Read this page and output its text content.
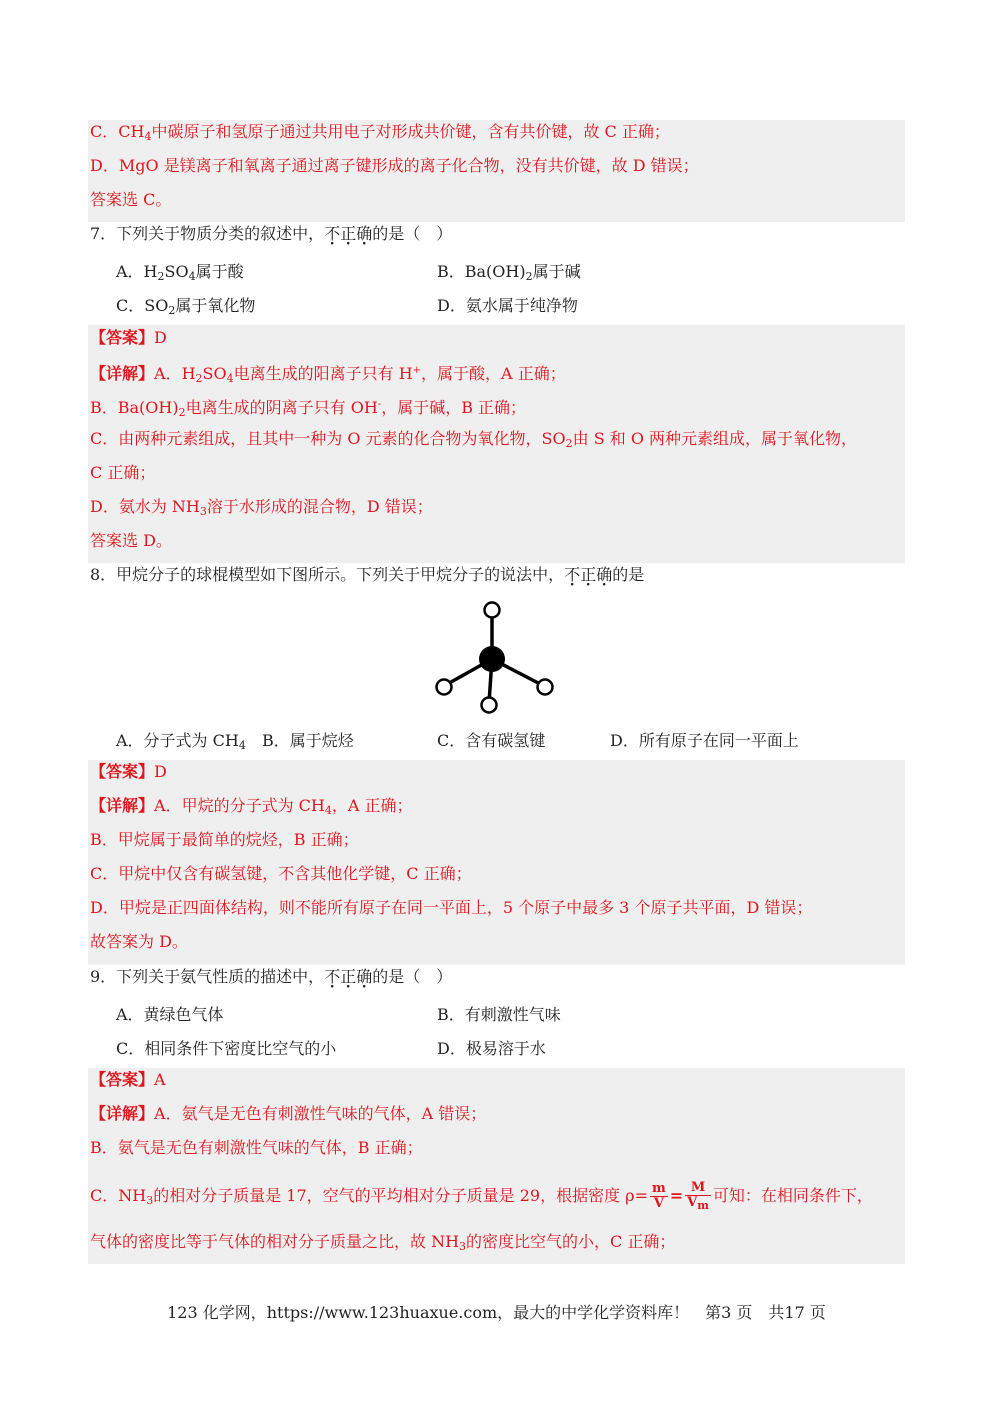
C．$CH_4$中碳原子和氢原子通过共用电子对形成共价键，含有共价键，故 C 正确；
D．MgO 是镁离子和氧离子通过离子键形成的离子化合物，没有共价键，故 D 错误；
答案选 C。
7．下列关于物质分类的叙述中，不正确的是（　）
A．$H_2SO_4$属于酸	B．$Ba(OH)_2$属于碱
C．$SO_2$属于氧化物	D．氨水属于纯净物
【答案】D
【详解】A．$H_2SO_4$电离生成的阳离子只有 H+，属于酸，A 正确；
B．$Ba(OH)_2$电离生成的阴离子只有 OH-，属于碱，B 正确；
C．由两种元素组成，且其中一种为 O 元素的化合物为氧化物，$SO_2$由 S 和 O 两种元素组成，属于氧化物，
C 正确；
D．氨水为 $NH_3$溶于水形成的混合物，D 错误；
答案选 D。
8．甲烷分子的球棍模型如下图所示。下列关于甲烷分子的说法中，不正确的是
A．分子式为 $CH_4$ B．属于烷烃	C．含有碳氢键	D．所有原子在同一平面上
【答案】D
【详解】A．甲烷的分子式为 $CH_4$，A 正确；
B．甲烷属于最简单的烷烃，B 正确；
C．甲烷中仅含有碳氢键，不含其他化学键，C 正确；
D．甲烷是正四面体结构，则不能所有原子在同一平面上，5 个原子中最多 3 个原子共平面，D 错误；
故答案为 D。
9．下列关于氨气性质的描述中，不正确的是（　）
A．黄绿色气体	B．有刺激性气味
C．相同条件下密度比空气的小	D．极易溶于水
【答案】A
【详解】A．氨气是无色有刺激性气味的气体，A 错误；
B．氨气是无色有刺激性气味的气体，B 正确；
C．$NH_3$的相对分子质量是 17，空气的平均相对分子质量是 29，根据密度 $\rho= \frac{m}{V} = \frac{M}{V_m}$ 可知：在相同条件下，
气体的密度比等于气体的相对分子质量之比，故 $NH_3$的密度比空气的小，C 正确；
123 化学网，https://www.123huaxue.com，最大的中学化学资料库！　第3 页　共17 页
